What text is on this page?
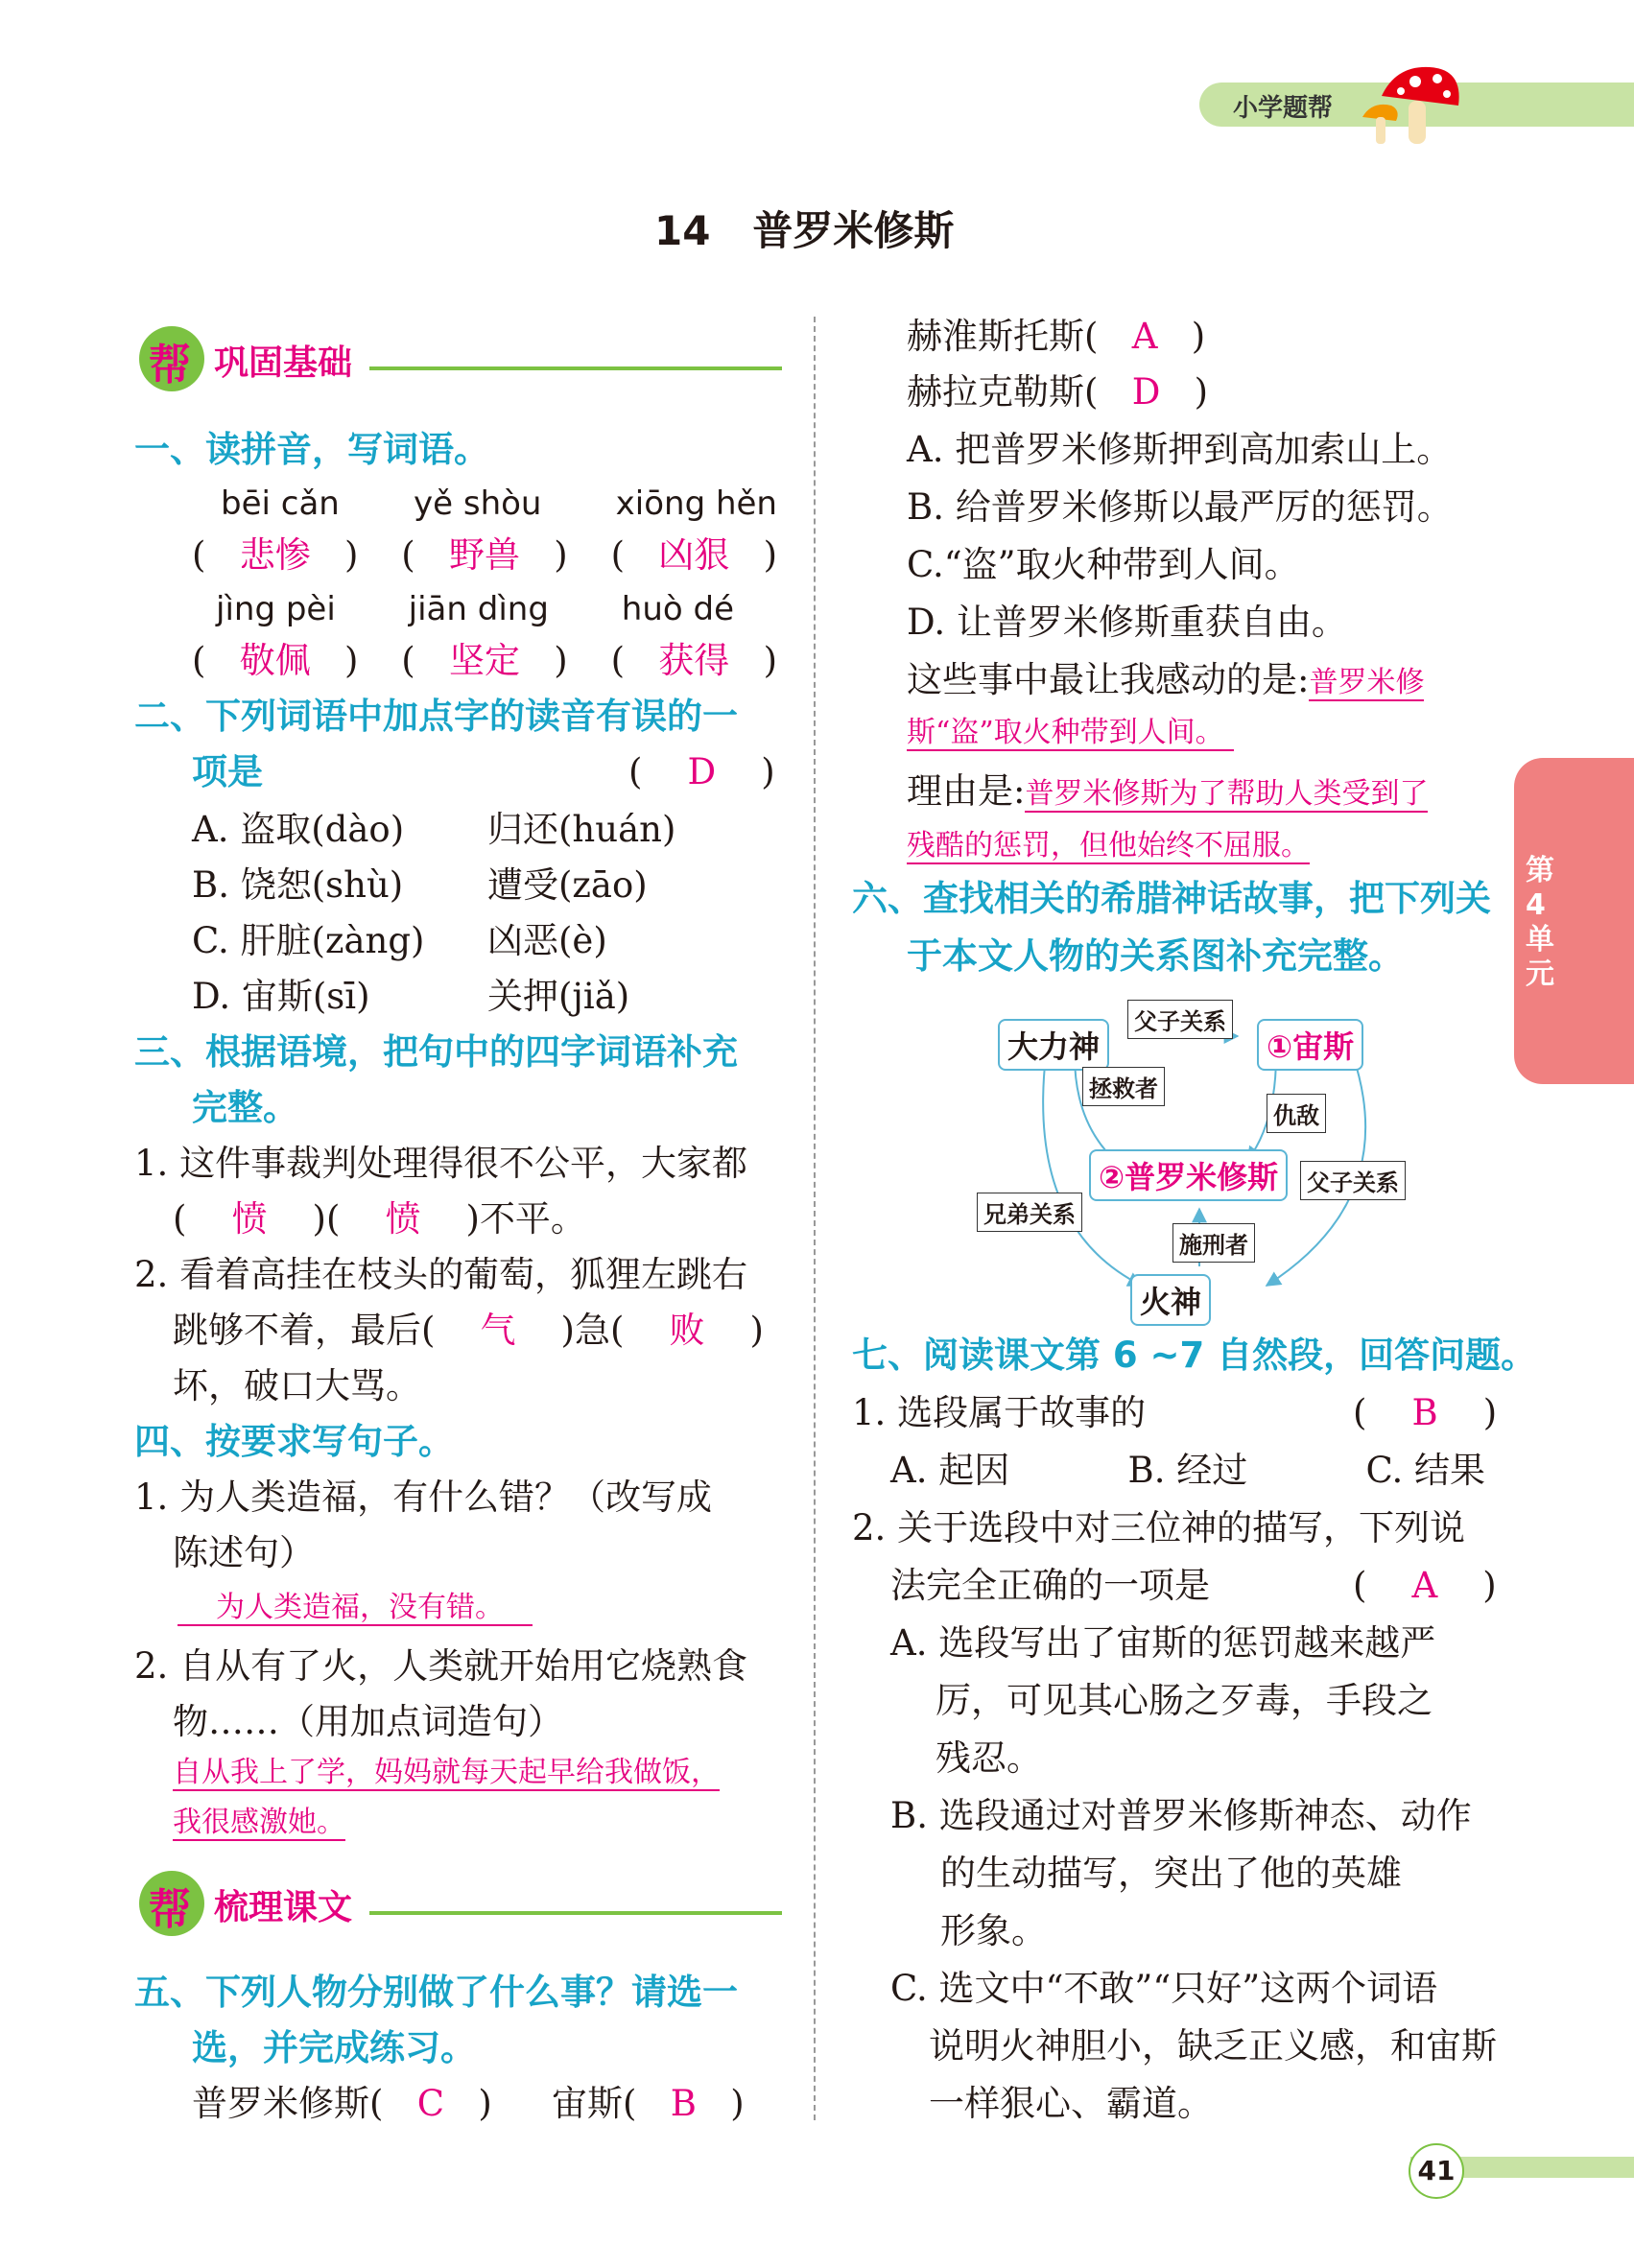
小学题帮
14 普罗米修斯
第4单元
帮 巩固基础
一、读拼音，写词语。
bēi cǎn yě shòu xiōng hěn
(   悲惨   ) (   野兽   ) (   凶狠   )
jìng pèi jiān dìng huò dé
(   敬佩   ) (   坚定   ) (   获得   )
二、下列词语中加点字的读音有误的一
项是	(    D    )
A. 盗取(dào) 归还(huán)
B. 饶恕(shù) 遭受(zāo)
C. 肝脏(zàng) 凶恶(è)
D. 宙斯(sī)	关押(jiǎ)
三、根据语境，把句中的四字词语补充
完整。
1. 这件事裁判处理得很不公平，大家都
(    愤    )(    愤    )不平。
2. 看着高挂在枝头的葡萄，狐狸左跳右
跳够不着，最后(    气    )急(    败    )
坏，破口大骂。
四、按要求写句子。
1. 为人类造福，有什么错？（改写成
陈述句）
为人类造福，没有错。
2. 自从有了火，人类就开始用它烧熟食
物……（用加点词造句）
自从我上了学，妈妈就每天起早给我做饭，
我很感激她。
帮 梳理课文
五、下列人物分别做了什么事？请选一
选，并完成练习。
普罗米修斯(   C   ) 宙斯(   B   )
赫淮斯托斯(   A   )
赫拉克勒斯(   D   )
A. 把普罗米修斯押到高加索山上。
B. 给普罗米修斯以最严厉的惩罚。
C.“盗”取火种带到人间。
D. 让普罗米修斯重获自由。
这些事中最让我感动的是:普罗米修
斯“盗”取火种带到人间。
理由是:普罗米修斯为了帮助人类受到了
残酷的惩罚，但他始终不屈服。
六、查找相关的希腊神话故事，把下列关
于本文人物的关系图补充完整。
大力神	①宙斯
②普罗米修斯
火神
父子关系
拯救者
仇敌
父子关系
兄弟关系
施刑者
七、阅读课文第 6 ~7 自然段，回答问题。
1. 选段属于故事的	(    B    )
A. 起因	B. 经过	C. 结果
2. 关于选段中对三位神的描写，下列说
法完全正确的一项是	(    A    )
A. 选段写出了宙斯的惩罚越来越严
厉，可见其心肠之歹毒，手段之
残忍。
B. 选段通过对普罗米修斯神态、动作
的生动描写，突出了他的英雄
形象。
C. 选文中“不敢”“只好”这两个词语
说明火神胆小，缺乏正义感，和宙斯
一样狠心、霸道。
41
